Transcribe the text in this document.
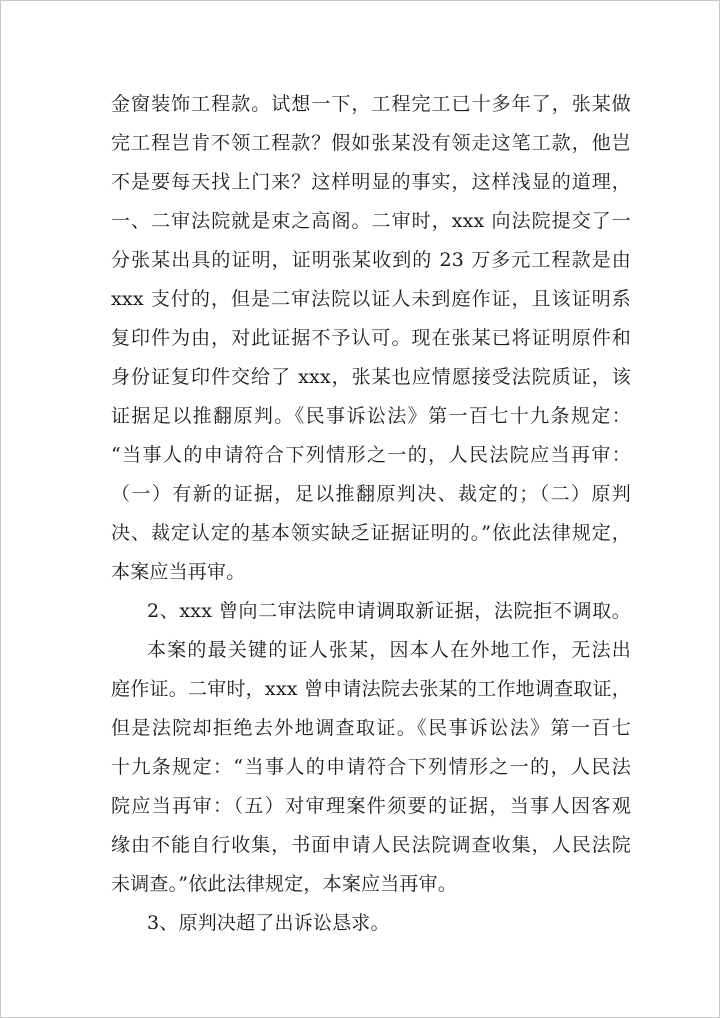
金窗装饰工程款。试想一下，工程完工已十多年了，张某做
完工程岂肯不领工程款？假如张某没有领走这笔工款，他岂
不是要每天找上门来？这样明显的事实，这样浅显的道理，
一、二审法院就是束之高阁。二审时，xxx 向法院提交了一
分张某出具的证明，证明张某收到的 23 万多元工程款是由
xxx 支付的，但是二审法院以证人未到庭作证，且该证明系
复印件为由，对此证据不予认可。现在张某已将证明原件和
身份证复印件交给了 xxx，张某也应情愿接受法院质证，该
证据足以推翻原判。《民事诉讼法》第一百七十九条规定：
“当事人的申请符合下列情形之一的，人民法院应当再审：
（一）有新的证据，足以推翻原判决、裁定的；（二）原判
决、裁定认定的基本领实缺乏证据证明的。”依此法律规定，
本案应当再审。
2、xxx 曾向二审法院申请调取新证据，法院拒不调取。
本案的最关键的证人张某，因本人在外地工作，无法出
庭作证。二审时，xxx 曾申请法院去张某的工作地调查取证，
但是法院却拒绝去外地调查取证。《民事诉讼法》第一百七
十九条规定：“当事人的申请符合下列情形之一的，人民法
院应当再审：（五）对审理案件须要的证据，当事人因客观
缘由不能自行收集，书面申请人民法院调查收集，人民法院
未调查。”依此法律规定，本案应当再审。
3、原判决超了出诉讼恳求。
